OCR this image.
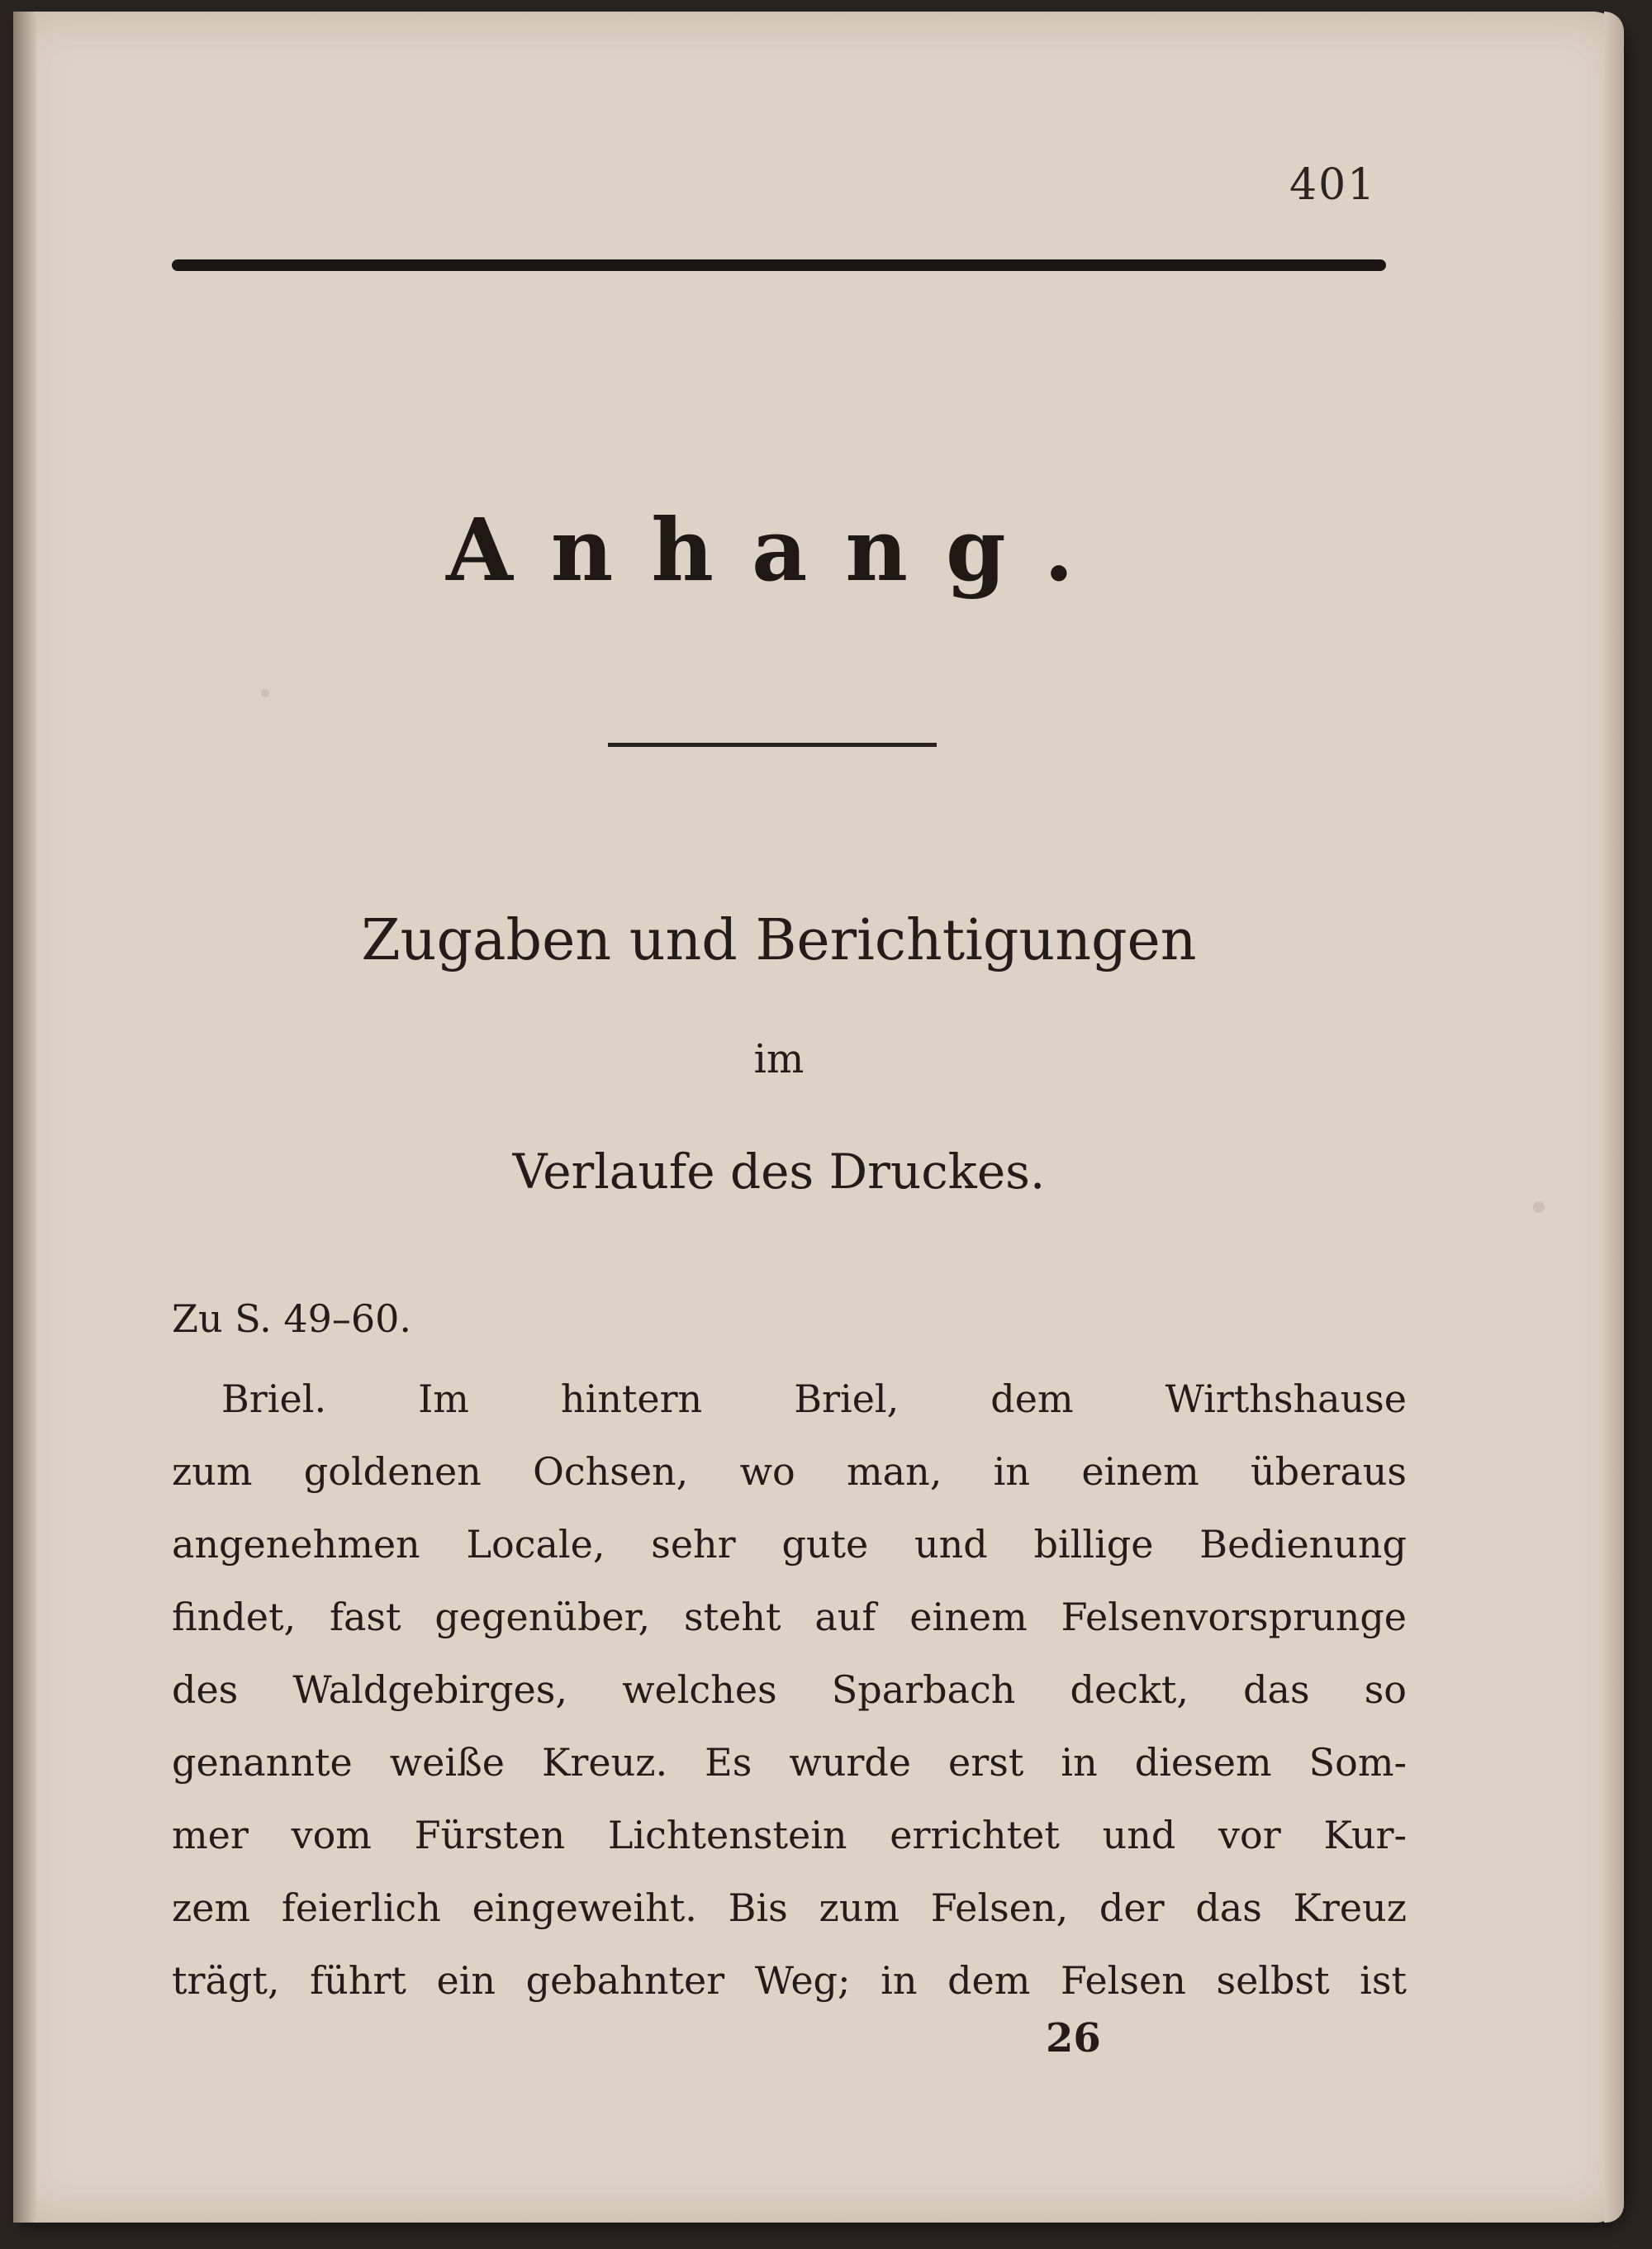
401
Anhang.
Zugaben und Berichtigungen
im
Verlaufe des Druckes.
Zu S. 49–60.
Briel. Im hintern Briel, dem Wirthshause
zum goldenen Ochsen, wo man, in einem überaus
angenehmen Locale, sehr gute und billige Bedienung
findet, fast gegenüber, steht auf einem Felsenvorsprunge
des Waldgebirges, welches Sparbach deckt, das so
genannte weiße Kreuz. Es wurde erst in diesem Som-
mer vom Fürsten Lichtenstein errichtet und vor Kur-
zem feierlich eingeweiht. Bis zum Felsen, der das Kreuz
trägt, führt ein gebahnter Weg; in dem Felsen selbst ist
26
